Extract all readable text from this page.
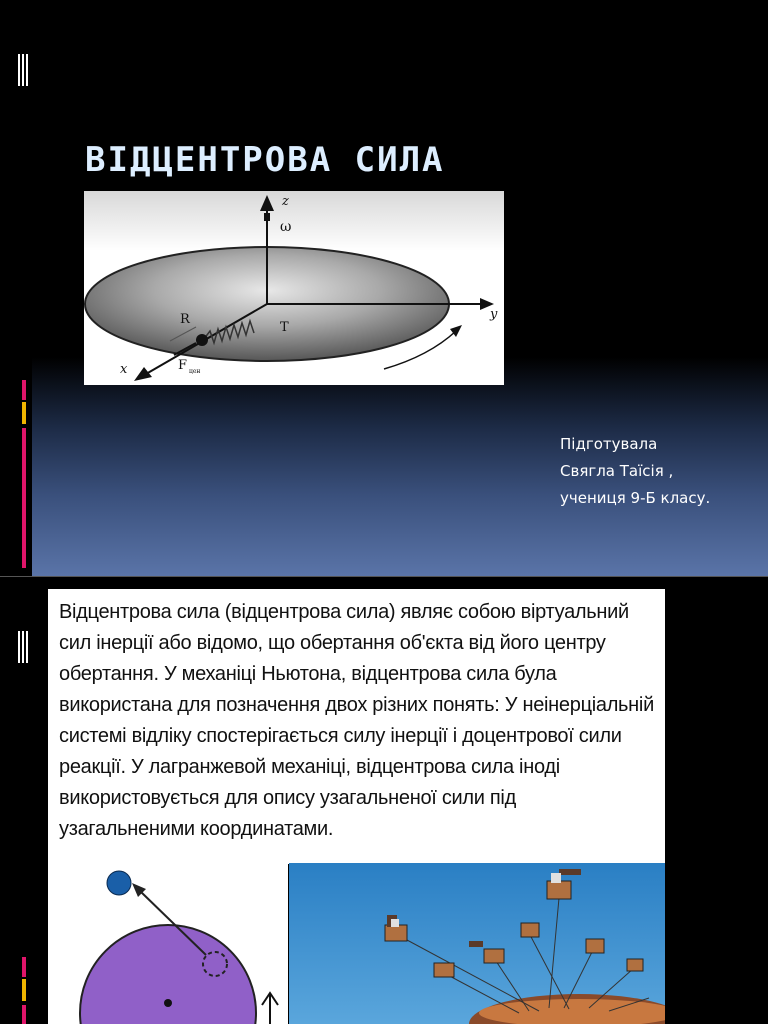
ВІДЦЕНТРОВА СИЛА
z
ω
y
x
R
T
F цен
Підготувала
Свягла Таїсія ,
учениця 9-Б класу.

Відцентрова сила (відцентрова сила) являє собою віртуальний сил інерції або відомо, що обертання об'єкта від його центру обертання. У механіці Ньютона, відцентрова сила була використана для позначення двох різних понять: У неінерціальній системі відліку спостерігається силу інерції і доцентрової сили реакції. У лагранжевой механіці, відцентрова сила іноді використовується для опису узагальненої сили під узагальненими координатами.
